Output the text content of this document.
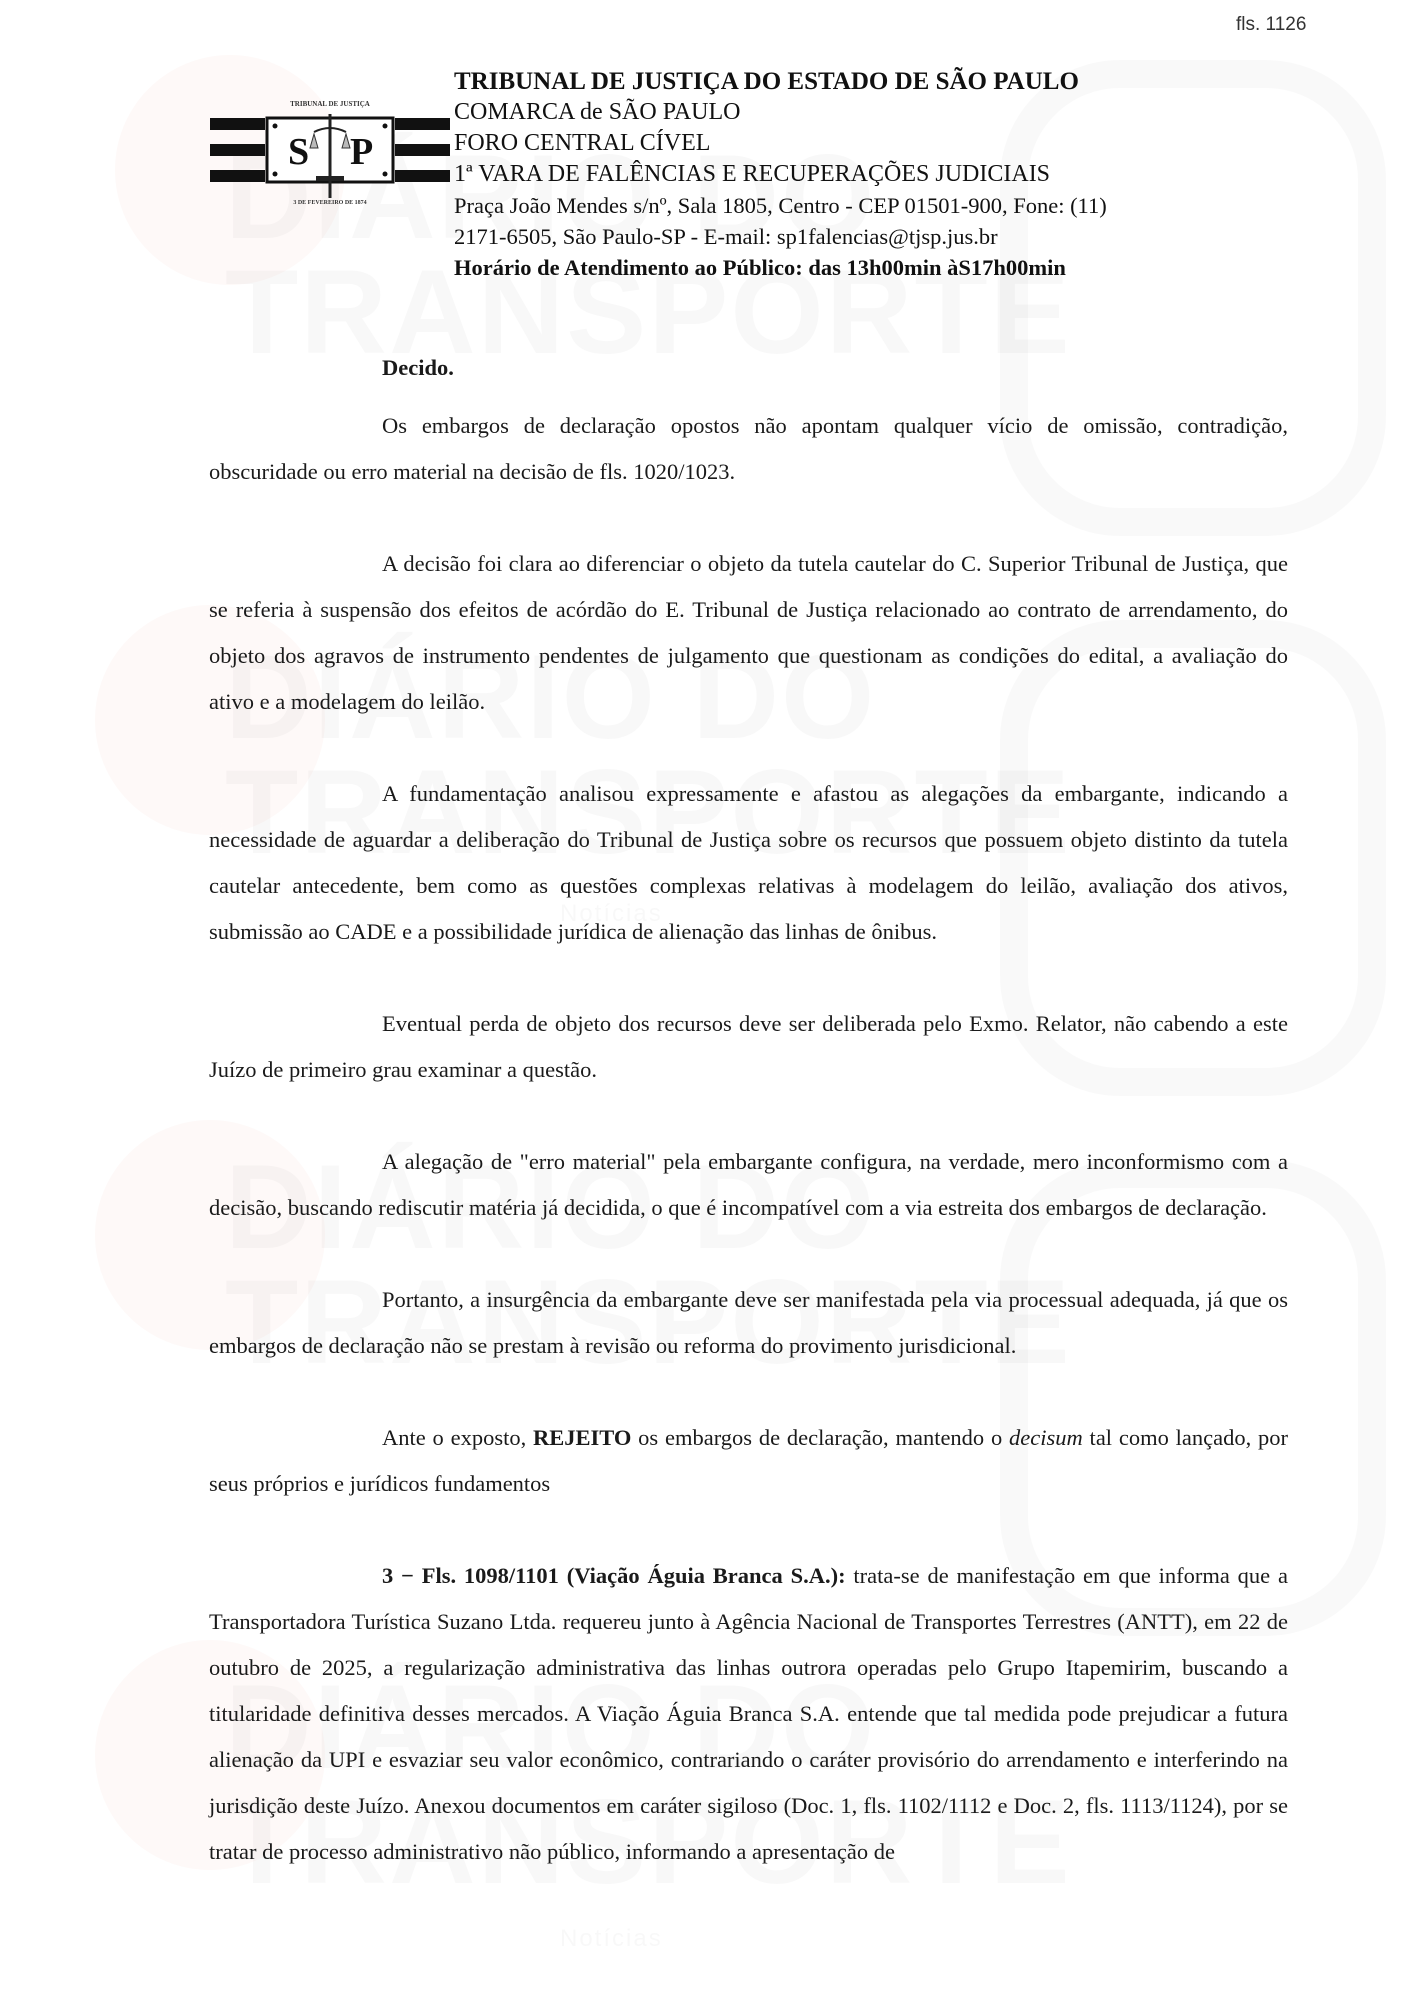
fls. 1126
TRIBUNAL DE JUSTIÇA
S P
3 DE FEVEREIRO DE 1874
TRIBUNAL DE JUSTIÇA DO ESTADO DE SÃO PAULO
COMARCA de SÃO PAULO
FORO CENTRAL CÍVEL
1ª VARA DE FALÊNCIAS E RECUPERAÇÕES JUDICIAIS
Praça João Mendes s/nº, Sala 1805, Centro - CEP 01501-900, Fone: (11)
2171-6505, São Paulo-SP - E-mail: sp1falencias@tjsp.jus.br
Horário de Atendimento ao Público: das 13h00min àS17h00min

Decido.

Os embargos de declaração opostos não apontam qualquer vício de omissão, contradição, obscuridade ou erro material na decisão de fls. 1020/1023.

A decisão foi clara ao diferenciar o objeto da tutela cautelar do C. Superior Tribunal de Justiça, que se referia à suspensão dos efeitos de acórdão do E. Tribunal de Justiça relacionado ao contrato de arrendamento, do objeto dos agravos de instrumento pendentes de julgamento que questionam as condições do edital, a avaliação do ativo e a modelagem do leilão.

A fundamentação analisou expressamente e afastou as alegações da embargante, indicando a necessidade de aguardar a deliberação do Tribunal de Justiça sobre os recursos que possuem objeto distinto da tutela cautelar antecedente, bem como as questões complexas relativas à modelagem do leilão, avaliação dos ativos, submissão ao CADE e a possibilidade jurídica de alienação das linhas de ônibus.

Eventual perda de objeto dos recursos deve ser deliberada pelo Exmo. Relator, não cabendo a este Juízo de primeiro grau examinar a questão.

A alegação de "erro material" pela embargante configura, na verdade, mero inconformismo com a decisão, buscando rediscutir matéria já decidida, o que é incompatível com a via estreita dos embargos de declaração.

Portanto, a insurgência da embargante deve ser manifestada pela via processual adequada, já que os embargos de declaração não se prestam à revisão ou reforma do provimento jurisdicional.

Ante o exposto, REJEITO os embargos de declaração, mantendo o decisum tal como lançado, por seus próprios e jurídicos fundamentos

3 − Fls. 1098/1101 (Viação Águia Branca S.A.): trata-se de manifestação em que informa que a Transportadora Turística Suzano Ltda. requereu junto à Agência Nacional de Transportes Terrestres (ANTT), em 22 de outubro de 2025, a regularização administrativa das linhas outrora operadas pelo Grupo Itapemirim, buscando a titularidade definitiva desses mercados. A Viação Águia Branca S.A. entende que tal medida pode prejudicar a futura alienação da UPI e esvaziar seu valor econômico, contrariando o caráter provisório do arrendamento e interferindo na jurisdição deste Juízo. Anexou documentos em caráter sigiloso (Doc. 1, fls. 1102/1112 e Doc. 2, fls. 1113/1124), por se tratar de processo administrativo não público, informando a apresentação de
